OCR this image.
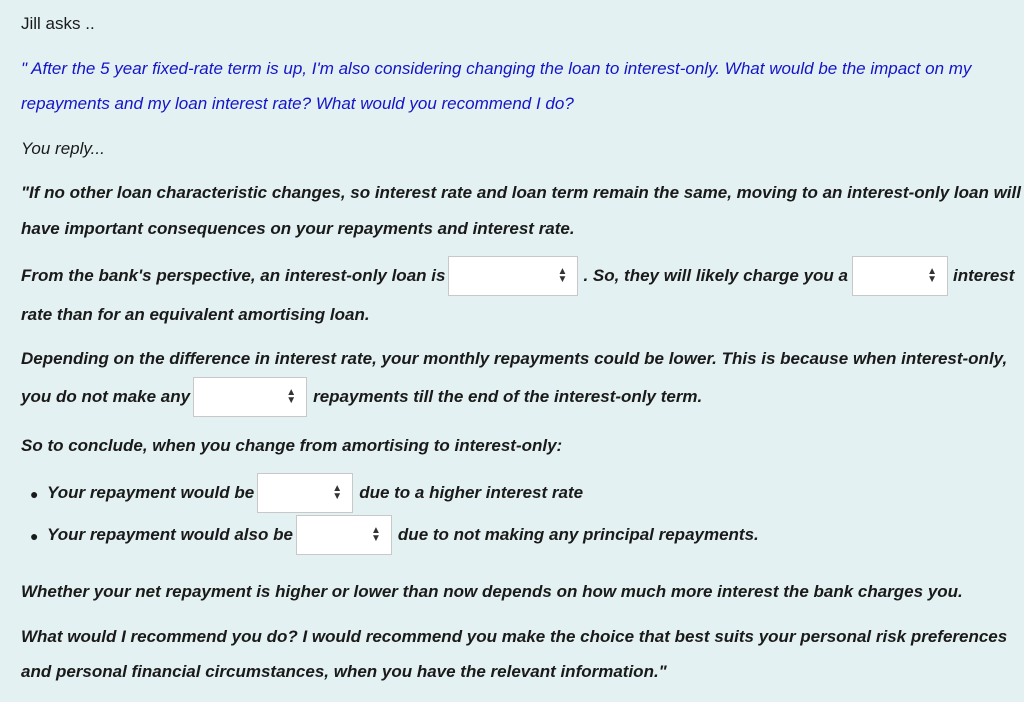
Jill asks ..
" After the 5 year fixed-rate term is up, I'm also considering changing the loan to interest-only. What would be the impact on my
repayments and my loan interest rate? What would you recommend I do?
You reply...
"If no other loan characteristic changes, so interest rate and loan term remain the same, moving to an interest-only loan will
have important consequences on your repayments and interest rate.
From the bank's perspective, an interest-only loan is	▲
▼ . So, they will likely charge you a	▲
▼ interest
rate than for an equivalent amortising loan.
Depending on the difference in interest rate, your monthly repayments could be lower. This is because when interest-only,
you do not make any	▲
▼ repayments till the end of the interest-only term.
So to conclude, when you change from amortising to interest-only:
● Your repayment would be	▲
▼ due to a higher interest rate
● Your repayment would also be	▲
▼ due to not making any principal repayments.
Whether your net repayment is higher or lower than now depends on how much more interest the bank charges you.
What would I recommend you do? I would recommend you make the choice that best suits your personal risk preferences
and personal financial circumstances, when you have the relevant information."
